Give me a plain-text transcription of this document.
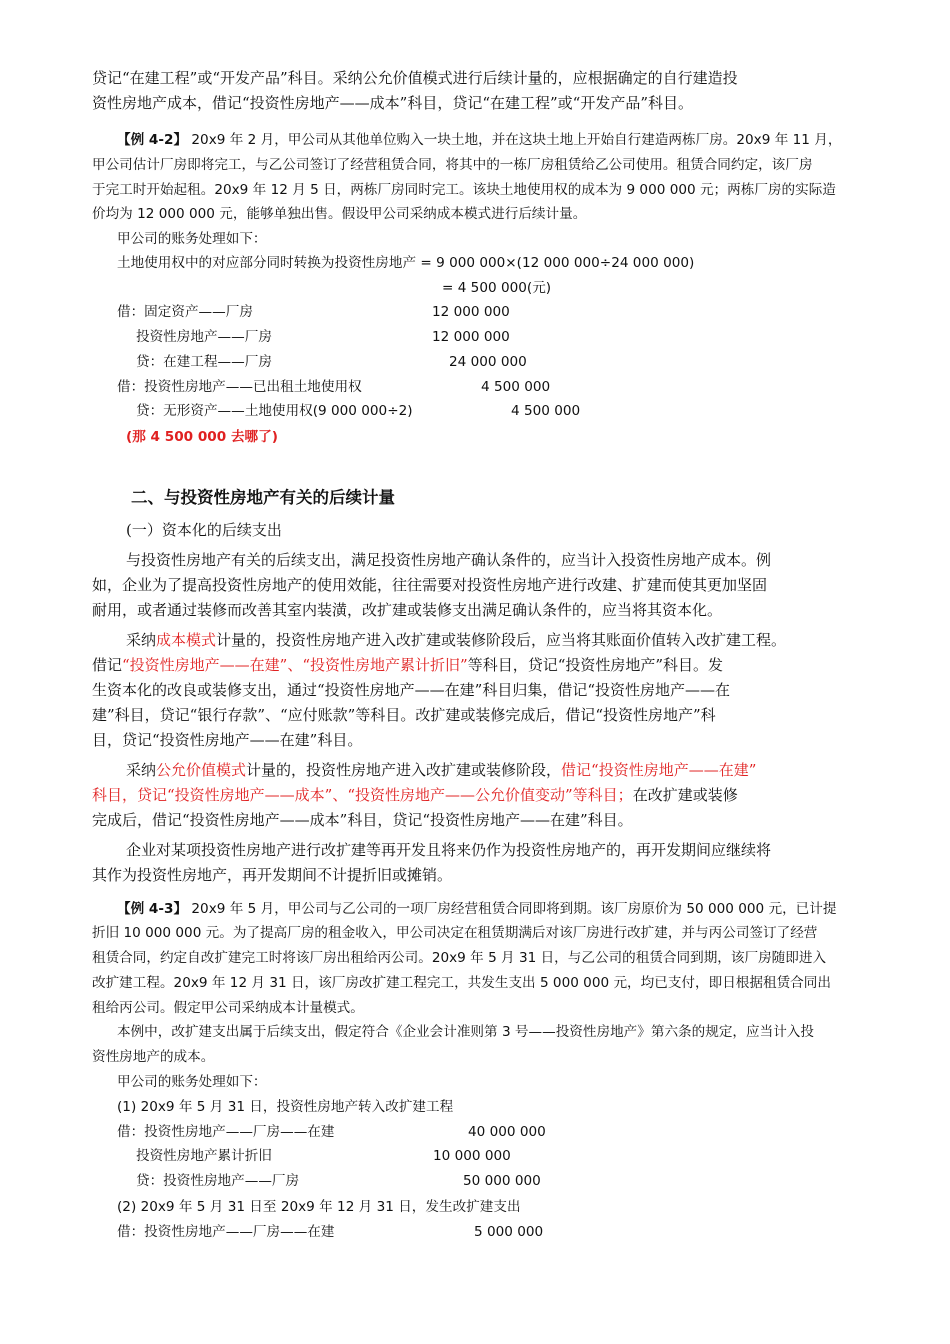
贷记“在建工程”或“开发产品”科目。采纳公允价值模式进行后续计量的，应根据确定的自行建造投
资性房地产成本，借记“投资性房地产——成本”科目，贷记“在建工程”或“开发产品”科目。
【例 4-2】 20x9 年 2 月，甲公司从其他单位购入一块土地，并在这块土地上开始自行建造两栋厂房。20x9 年 11 月，
甲公司估计厂房即将完工，与乙公司签订了经营租赁合同，将其中的一栋厂房租赁给乙公司使用。租赁合同约定，该厂房
于完工时开始起租。20x9 年 12 月 5 日，两栋厂房同时完工。该块土地使用权的成本为 9 000 000 元；两栋厂房的实际造
价均为 12 000 000 元，能够单独出售。假设甲公司采纳成本模式进行后续计量。
甲公司的账务处理如下：
土地使用权中的对应部分同时转换为投资性房地产 = 9 000 000×(12 000 000÷24 000 000)
= 4 500 000(元)
借：固定资产——厂房	12 000 000
投资性房地产——厂房	12 000 000
贷：在建工程——厂房	24 000 000
借：投资性房地产——已出租土地使用权	4 500 000
贷：无形资产——土地使用权(9 000 000÷2)	4 500 000
(那 4 500 000 去哪了)
二、与投资性房地产有关的后续计量
(一）资本化的后续支出
与投资性房地产有关的后续支出，满足投资性房地产确认条件的，应当计入投资性房地产成本。例
如，企业为了提高投资性房地产的使用效能，往往需要对投资性房地产进行改建、扩建而使其更加坚固
耐用，或者通过装修而改善其室内装潢，改扩建或装修支出满足确认条件的，应当将其资本化。
采纳成本模式计量的，投资性房地产进入改扩建或装修阶段后，应当将其账面价值转入改扩建工程。
借记“投资性房地产——在建”、“投资性房地产累计折旧”等科目，贷记“投资性房地产”科目。发
生资本化的改良或装修支出，通过“投资性房地产——在建”科目归集，借记“投资性房地产——在
建”科目，贷记“银行存款”、“应付账款”等科目。改扩建或装修完成后，借记“投资性房地产”科
目，贷记“投资性房地产——在建”科目。
采纳公允价值模式计量的，投资性房地产进入改扩建或装修阶段，借记“投资性房地产——在建”
科目，贷记“投资性房地产——成本”、“投资性房地产——公允价值变动”等科目；在改扩建或装修
完成后，借记“投资性房地产——成本”科目，贷记“投资性房地产——在建”科目。
企业对某项投资性房地产进行改扩建等再开发且将来仍作为投资性房地产的，再开发期间应继续将
其作为投资性房地产，再开发期间不计提折旧或摊销。
【例 4-3】 20x9 年 5 月，甲公司与乙公司的一项厂房经营租赁合同即将到期。该厂房原价为 50 000 000 元，已计提
折旧 10 000 000 元。为了提高厂房的租金收入，甲公司决定在租赁期满后对该厂房进行改扩建，并与丙公司签订了经营
租赁合同，约定自改扩建完工时将该厂房出租给丙公司。20x9 年 5 月 31 日，与乙公司的租赁合同到期，该厂房随即进入
改扩建工程。20x9 年 12 月 31 日，该厂房改扩建工程完工，共发生支出 5 000 000 元，均已支付，即日根据租赁合同出
租给丙公司。假定甲公司采纳成本计量模式。
本例中，改扩建支出属于后续支出，假定符合《企业会计准则第 3 号——投资性房地产》第六条的规定，应当计入投
资性房地产的成本。
甲公司的账务处理如下：
(1) 20x9 年 5 月 31 日，投资性房地产转入改扩建工程
借：投资性房地产——厂房——在建	40 000 000
投资性房地产累计折旧	10 000 000
贷：投资性房地产——厂房	50 000 000
(2) 20x9 年 5 月 31 日至 20x9 年 12 月 31 日，发生改扩建支出
借：投资性房地产——厂房——在建	5 000 000
